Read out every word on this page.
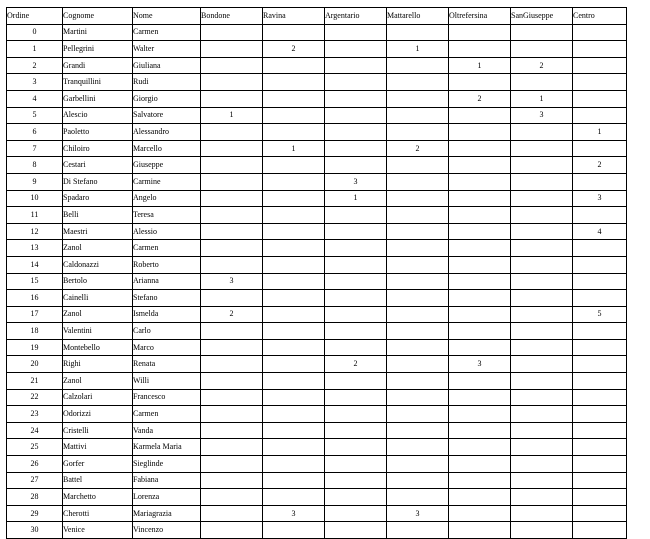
Ordine	Cognome	Nome	Bondone	Ravina	Argentario	Mattarello	Oltrefersina	SanGiuseppe	Centro
0	Martini	Carmen							
1	Pellegrini	Walter		2		1			
2	Grandi	Giuliana					1	2	
3	Tranquillini	Rudi							
4	Garbellini	Giorgio					2	1	
5	Alescio	Salvatore	1					3	
6	Paoletto	Alessandro							1
7	Chiloiro	Marcello		1		2			
8	Cestari	Giuseppe							2
9	Di Stefano	Carmine			3				
10	Spadaro	Angelo			1				3
11	Belli	Teresa							
12	Maestri	Alessio							4
13	Zanol	Carmen							
14	Caldonazzi	Roberto							
15	Bertolo	Arianna	3						
16	Cainelli	Stefano							
17	Zanol	Ismelda	2						5
18	Valentini	Carlo							
19	Montebello	Marco							
20	Righi	Renata			2		3		
21	Zanol	Willi							
22	Calzolari	Francesco							
23	Odorizzi	Carmen							
24	Cristelli	Vanda							
25	Mattivi	Karmela Maria							
26	Gorfer	Sieglinde							
27	Battel	Fabiana							
28	Marchetto	Lorenza							
29	Cherotti	Mariagrazia		3		3			
30	Venice	Vincenzo							
